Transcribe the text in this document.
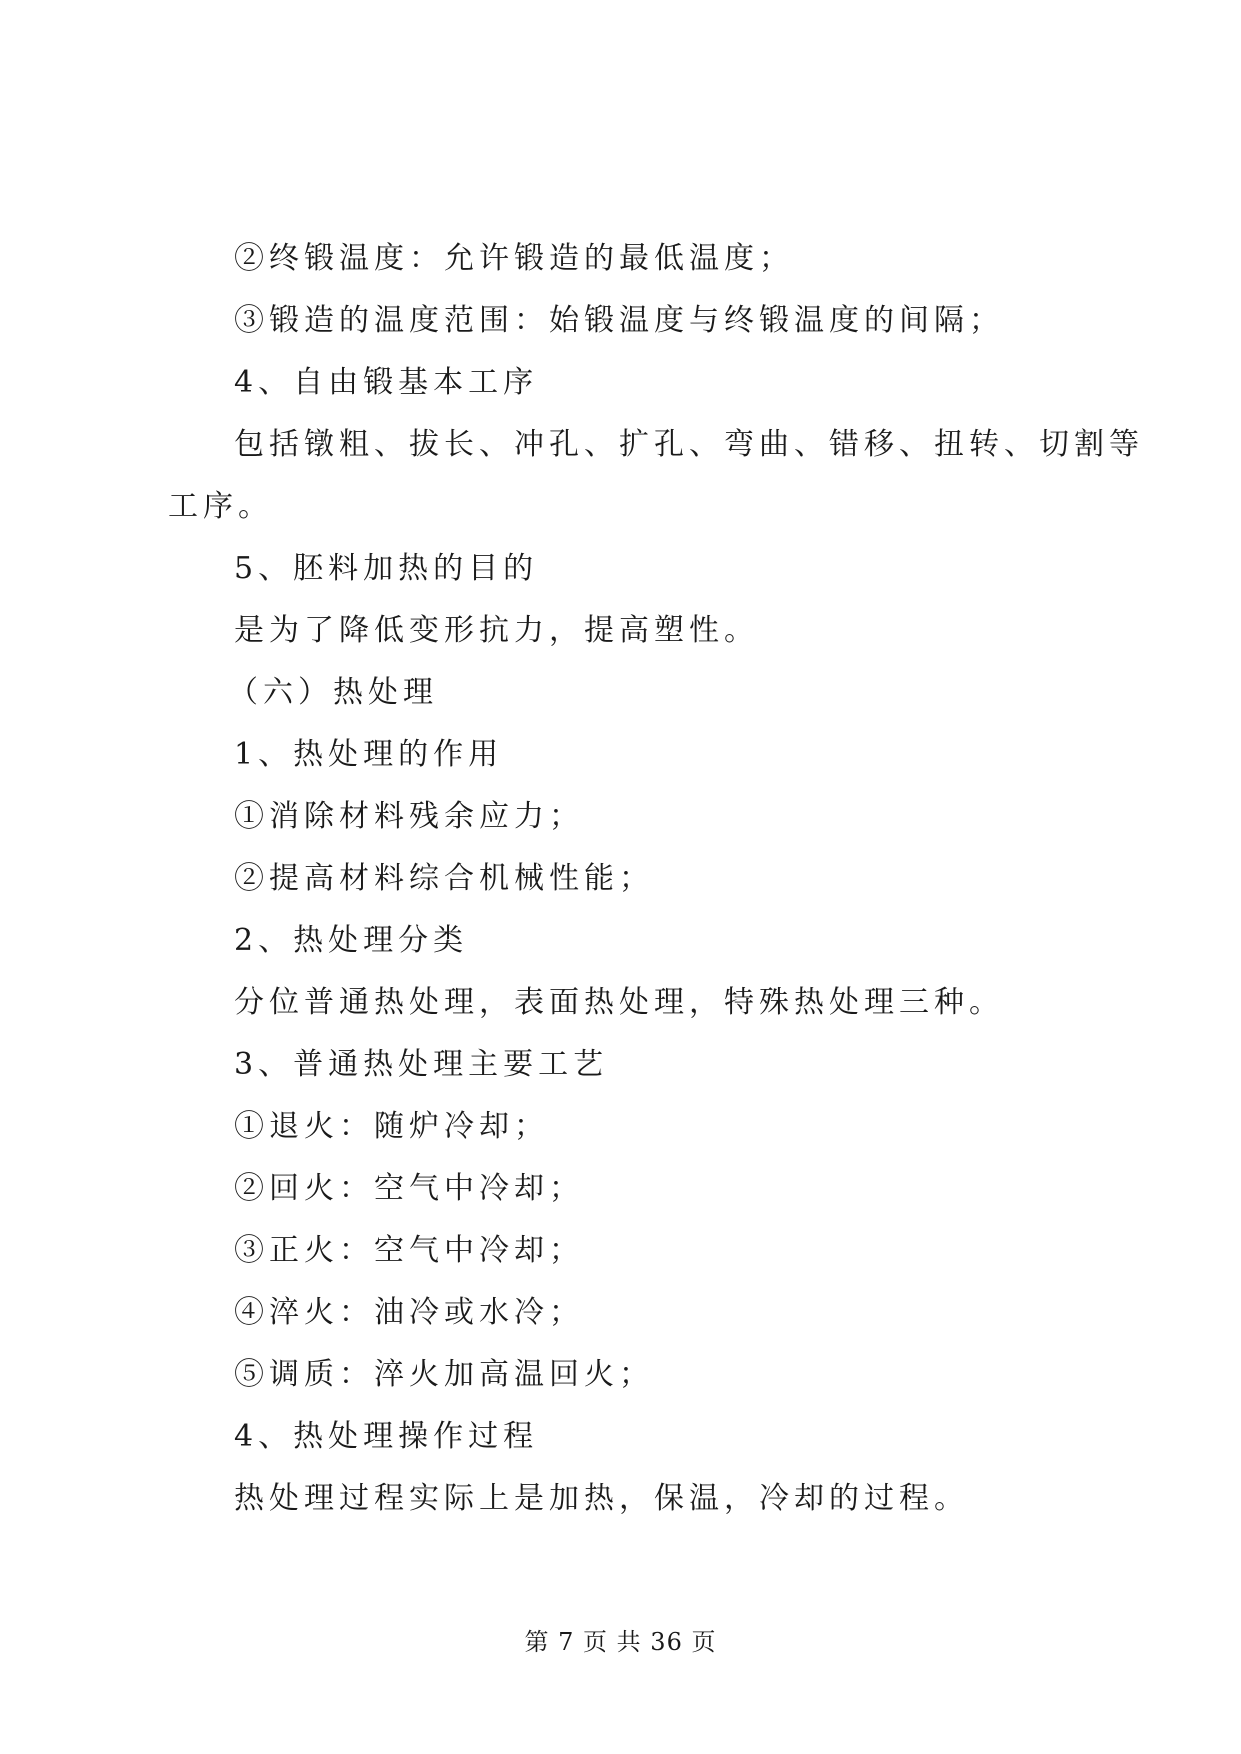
②终锻温度：允许锻造的最低温度；
③锻造的温度范围：始锻温度与终锻温度的间隔；
4、自由锻基本工序
包括镦粗、拔长、冲孔、扩孔、弯曲、错移、扭转、切割等
工序。
5、胚料加热的目的
是为了降低变形抗力，提高塑性。
（六）热处理
1、热处理的作用
①消除材料残余应力；
②提高材料综合机械性能；
2、热处理分类
分位普通热处理，表面热处理，特殊热处理三种。
3、普通热处理主要工艺
①退火：随炉冷却；
②回火：空气中冷却；
③正火：空气中冷却；
④淬火：油冷或水冷；
⑤调质：淬火加高温回火；
4、热处理操作过程
热处理过程实际上是加热，保温，冷却的过程。
第 7 页 共 36 页
